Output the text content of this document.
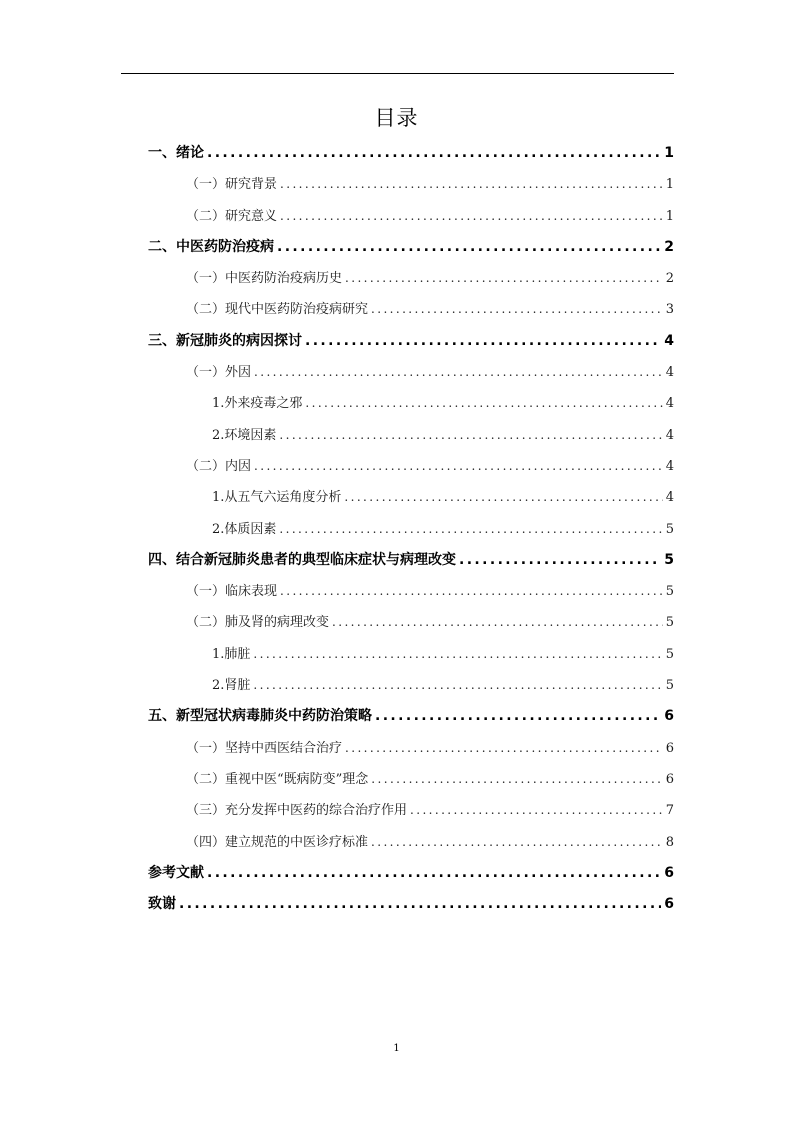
目录
一、绪论 .....	1
（一）研究背景 .....	1
（二）研究意义 .....	1
二、中医药防治疫病 .....	2
（一）中医药防治疫病历史 .....	2
（二）现代中医药防治疫病研究 .....	3
三、新冠肺炎的病因探讨 .....	4
（一）外因 .....	4
1.外来疫毒之邪 .....	4
2.环境因素 .....	4
（二）内因 .....	4
1.从五气六运角度分析 .....	4
2.体质因素 .....	5
四、结合新冠肺炎患者的典型临床症状与病理改变 .....	5
（一）临床表现 .....	5
（二）肺及肾的病理改变 .....	5
1.肺脏 .....	5
2.肾脏 .....	5
五、新型冠状病毒肺炎中药防治策略 .....	6
（一）坚持中西医结合治疗 .....	6
（二）重视中医“既病防变”理念 .....	6
（三）充分发挥中医药的综合治疗作用 .....	7
（四）建立规范的中医诊疗标准 .....	8
参考文献 .....	6
致谢 .....	6
1
